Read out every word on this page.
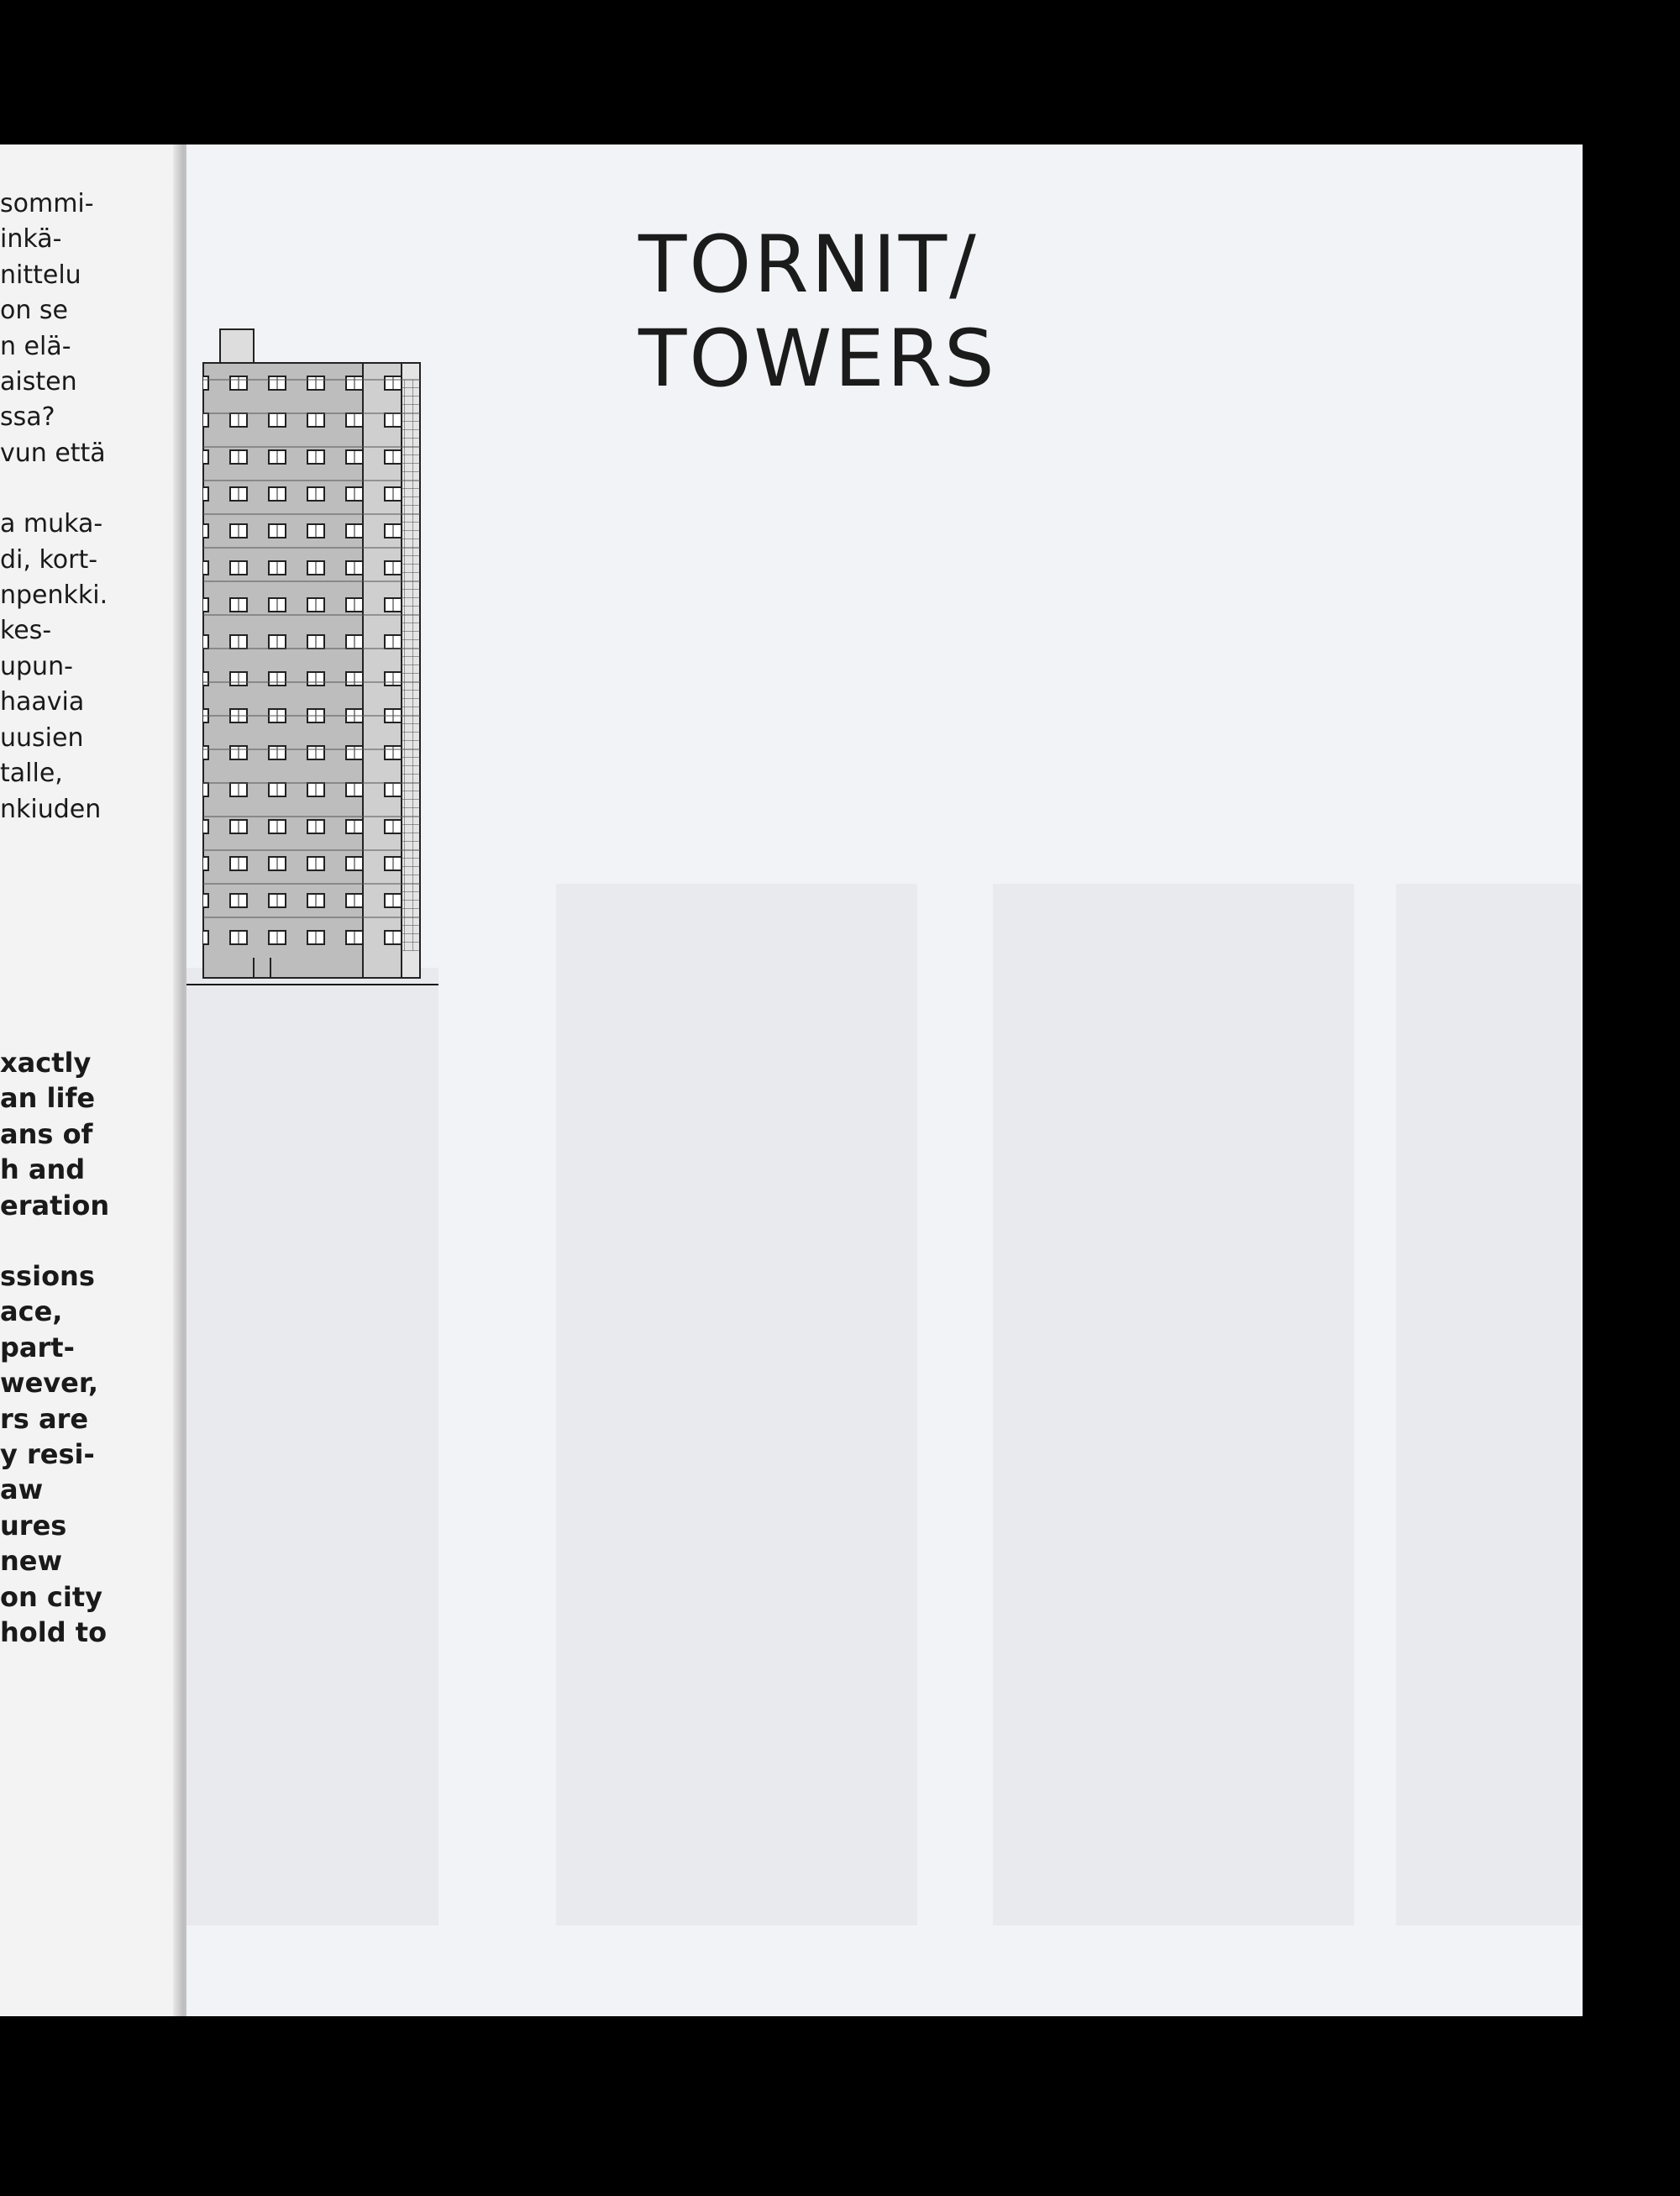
sommi-
inkä-
nittelu
on se
n elä-
aisten
ssa?
vun että
a muka-
di, kort-
npenkki.
kes-
upun-
haavia
uusien
talle,
nkiuden
xactly
an life
ans of
h and
eration
ssions
ace,
part-
wever,
rs are
y resi-
aw
ures
new
on city
hold to
TORNIT/
TOWERS
